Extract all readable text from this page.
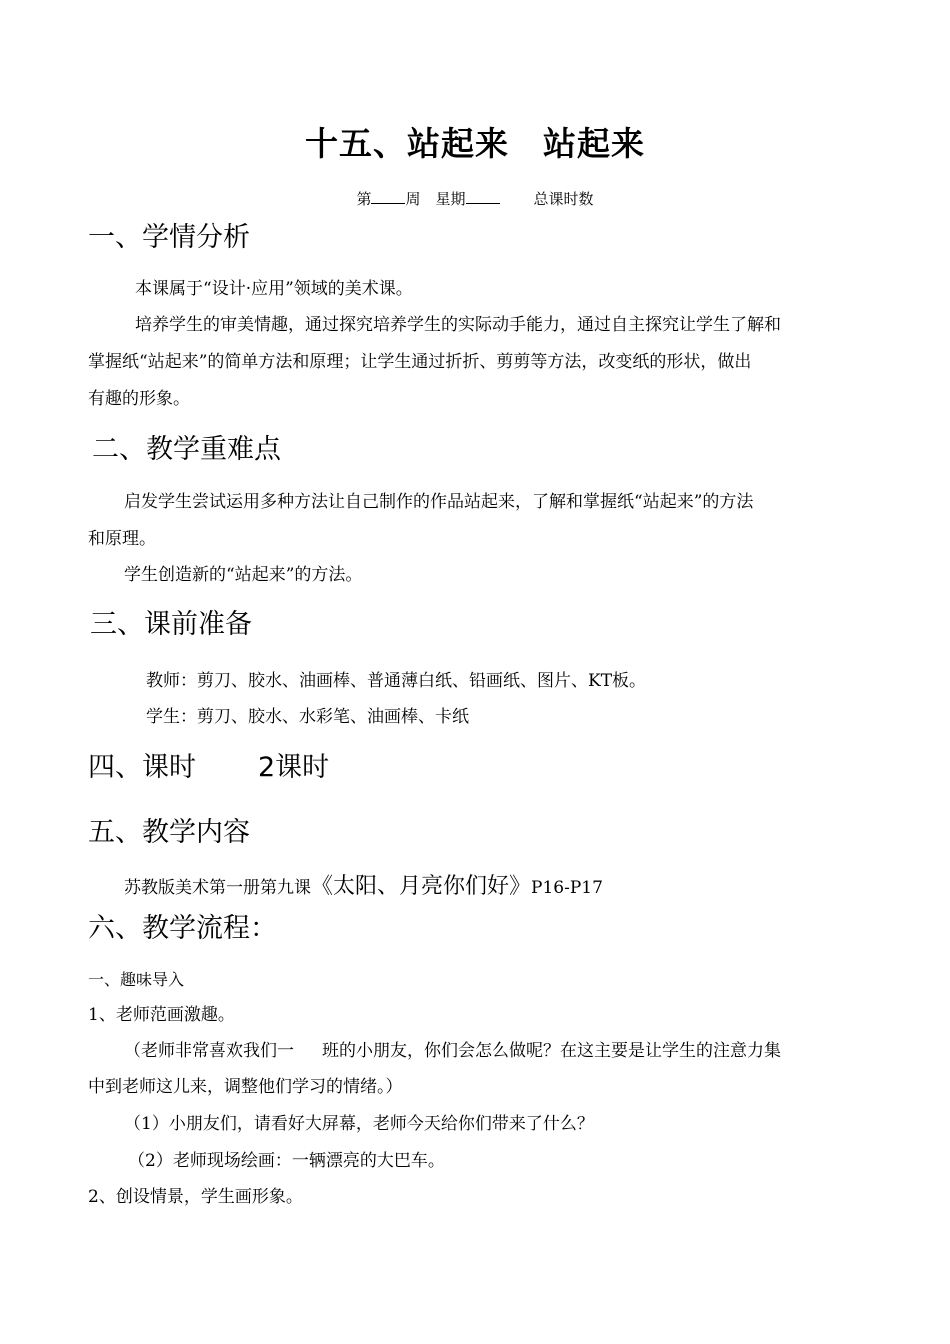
十五、站起来　站起来
第 周　星期	总课时数
一、学情分析
本课属于“设计·应用”领域的美术课。
培养学生的审美情趣，通过探究培养学生的实际动手能力，通过自主探究让学生了解和
掌握纸“站起来”的简单方法和原理；让学生通过折折、剪剪等方法，改变纸的形状，做出
有趣的形象。
二、教学重难点
启发学生尝试运用多种方法让自己制作的作品站起来，了解和掌握纸“站起来”的方法
和原理。
学生创造新的“站起来”的方法。
三、课前准备
教师：剪刀、胶水、油画棒、普通薄白纸、铅画纸、图片、KT板。
学生：剪刀、胶水、水彩笔、油画棒、卡纸
四、课时 2课时
五、教学内容
苏教版美术第一册第九课《太阳、月亮你们好》P16-P17
六、教学流程：
一、趣味导入
1、老师范画激趣。
（老师非常喜欢我们一 班的小朋友，你们会怎么做呢？在这主要是让学生的注意力集
中到老师这儿来，调整他们学习的情绪。）
（1）小朋友们，请看好大屏幕，老师今天给你们带来了什么？
（2）老师现场绘画：一辆漂亮的大巴车。
2、创设情景，学生画形象。
